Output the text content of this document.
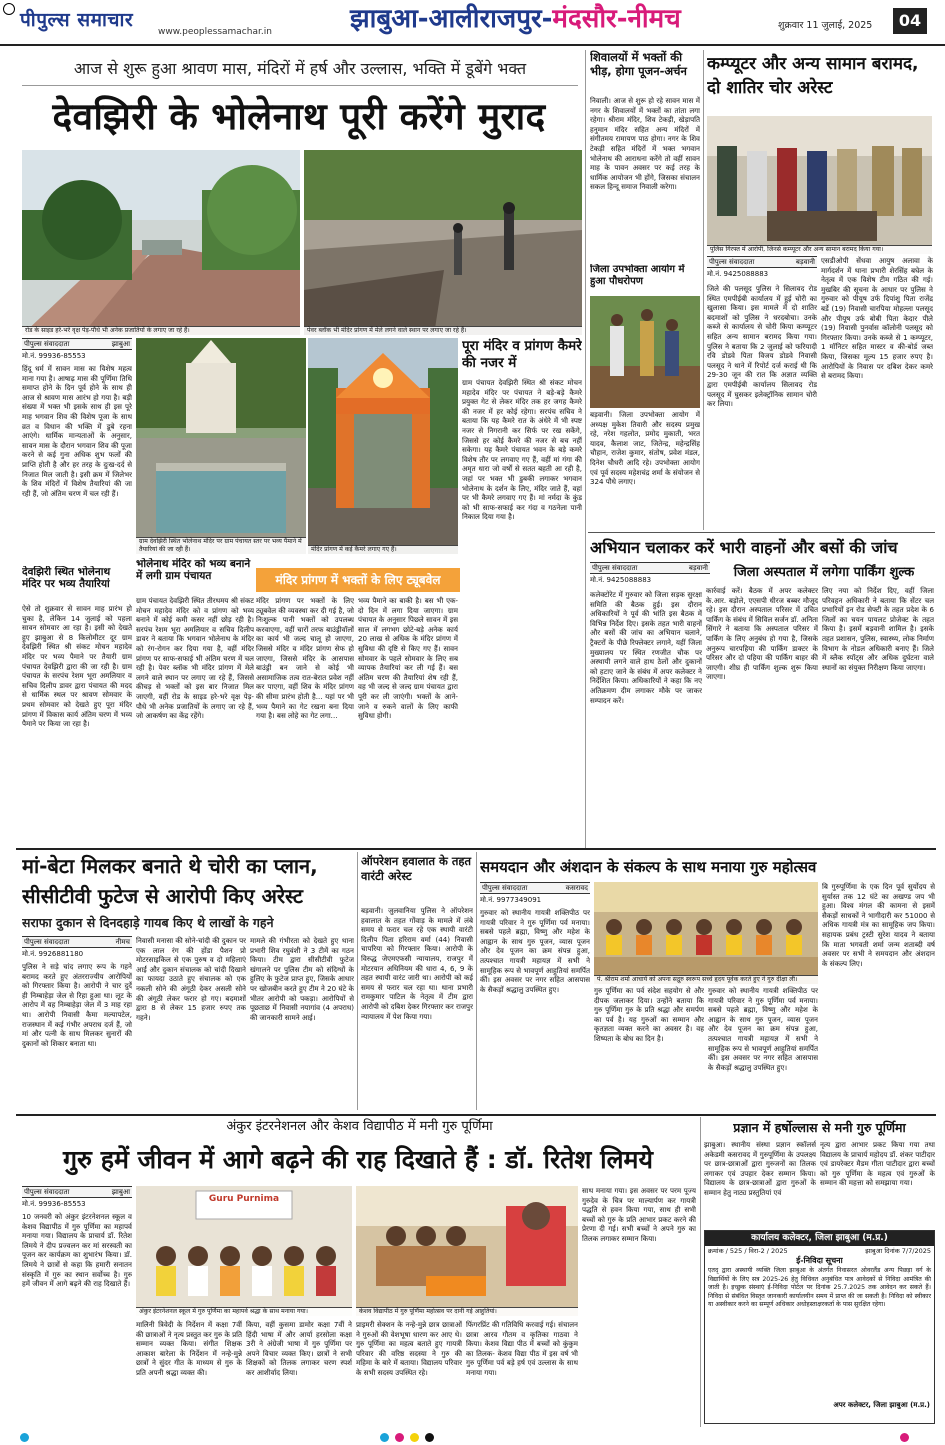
पीपुल्स समाचार
www.peoplessamachar.in	झाबुआ-आलीराजपुर-मंदसौर-नीमच	शुक्रवार 11 जुलाई, 2025	04
आज से शुरू हुआ श्रावण मास, मंदिरों में हर्ष और उल्लास, भक्ति में डूबेंगे भक्त
देवझिरी के भोलेनाथ पूरी करेंगे मुराद
रोड के साइड हरे-भरे वृक्ष पेड़-पौधे भी अनेक प्रजातियों के लगाए जा रहे हैं।	पेवर ब्लॉक भी मंदिर प्रांगण में मेले लगने वाले स्थान पर लगाए जा रहे हैं।
पीपुल्स संवाददाता	झाबुआ
मो.नं. 99936-85553

हिंदू धर्म में सावन मास का विशेष महत्व माना गया है। आषाढ़ मास की पूर्णिमा तिथि समाप्त होने के दिन पूर्व होने के साथ ही आज से श्रावण मास आरंभ हो गया है। बड़ी संख्या में भक्त भी इसके साथ ही इस पूरे माह भगवान शिव की विशेष पूजा के साथ व्रत व विधान की भक्ति में डूबे रहना आएंगे। धार्मिक मान्यताओं के अनुसार, सावन मास के दौरान भगवान शिव की पूजा करने से कई गुना अधिक शुभ फलों की प्राप्ति होती है और हर तरह के दुःख-दर्द से निजात मिल जाती है। इसी क्रम में जिलेभर के शिव मंदिरों में विशेष तैयारियां की जा रही हैं, जो अंतिम चरण में चल रही हैं।

ग्राम देवझिरी स्थित भोलेनाथ मंदिर पर ग्राम पंचायत स्तर पर भव्य पैमाने में तैयारियां की जा रही हैं।	मंदिर प्रांगण में कई कैमरे लगाए गए हैं।
पूरा मंदिर व प्रांगण कैमरे की नजर में

ग्राम पंचायत देवझिरी स्थित श्री संकट मोचन महादेव मंदिर पर पंचायत ने बड़े-बड़े कैमरे प्रयुक्त गेट से लेकर मंदिर तक हर जगह कैमरे की नजर में हर कोई रहेगा। सरपंच सचिव ने बताया कि यह कैमरे रात के अंधेरे में भी स्पष्ट नजर से निगरानी कर सिर्फ पर रख सकेंगे, जिससे हर कोई कैमरे की नजर से बच नहीं सकेगा। यह कैमरे पंचायत भवन के बड़े कमरे विशेष तौर पर लगवाए गए हैं, वहीं मां गंगा की अमृत धारा जो वर्षों से सतत बहती आ रही है, जहां पर भक्त भी डुबकी लगाकर भगवान भोलेनाथ के दर्शन के लिए, मंदिर जाते हैं, वहां पर भी कैमरे लगवाए गए हैं। मां नर्मदा के कुंड को भी साफ-सफाई कर गंदा व गठनेला पानी निकाल दिया गया है।

देवझिरी स्थित भोलेनाथ मंदिर पर भव्य तैयारियां

ऐसे तो शुक्रवार से सावन माह प्रारंभ हो चुका है, लेकिन 14 जुलाई को पहला सावन सोमवार आ रहा है। इसी को देखते हुए झाबुआ से 8 किलोमीटर दूर ग्राम देवझिरी स्थित श्री संकट मोचन महादेव मंदिर पर भव्य पैमाने पर तैयारी ग्राम पंचायत देवझिरी द्वारा की जा रही है। ग्राम पंचायत के सरपंच रेशम भूरा अमलियार व सचिव दिलीप डावर द्वारा पंचायत की मदद से धार्मिक स्थल पर श्रावण सोमवार के प्रथम सोमवार को देखते हुए पूरा मंदिर प्रांगण में विकास कार्य अंतिम चरण में भव्य पैमाने पर किया जा रहा है।

भोलेनाथ मंदिर को भव्य बनाने में लगी ग्राम पंचायत

ग्राम पंचायत देवझिरी स्थित तीरथमय श्री संकट मोचन महादेव मंदिर को व प्रांगण को भव्य बनाने में कोई कमी कसर नहीं छोड़ रही है। सरपंच रेशम भूरा अमलियार व सचिव दिलीप डावर ने बताया कि भगवान भोलेनाथ के मंदिर को रंग-रोगन कर दिया गया है, वहीं मंदिर प्रांगण पर साफ-सफाई भी अंतिम चरण में चल रही है। पेवर ब्लॉक भी मंदिर प्रांगण में मेले लगने वाले स्थान पर लगाए जा रहे हैं, जिससे कीचड़ से भक्तों को इस बार निजात मिल जाएगी, वहीं रोड के साइड हरे-भरे वृक्ष पेड़-पौधे भी अनेक प्रजातियों के लगाए जा रहे हैं, जो आकर्षण का केंद्र रहेंगे।

मंदिर प्रांगण में भक्तों के लिए ट्यूबवेल

मंदिर प्रांगण पर भक्तों के लिए ट्यूबवेल की व्यवस्था कर दी गई है, जो निःशुल्क पानी भक्तों को उपलब्ध करवाएगा, वहीं चारों तरफ बाउंड्रीवॉलों का कार्य भी जल्द चालू हो जाएगा, जिससे मंदिर व मंदिर प्रांगण सेफ हो जाएगा, जिससे मंदिर के आसपास बाउंड्री बन जाने से कोई भी असामाजिक तत्व रात-बेरात प्रवेश नहीं कर पाएगा, वहीं शिव के मंदिर प्रांगण की सीमा प्रारंभ होती है... यहां पर भी भव्य पैमाने का गेट रखना बना दिया गया है। बस लोहे का गेट लगा...

भव्य पैमाने का बाकी है। बस भी एक-दो दिन में लगा दिया जाएगा। ग्राम पंचायत के अनुसार पिछले सावन में इस साल में लगभग छोटे-बड़े अनेक कार्य 20 लाख से अधिक के मंदिर प्रांगण में सुविधा की दृष्टि से किए गए हैं। सावन सोमवार के पहले सोमवार के लिए सब व्यापक तैयारियां कर ली गई हैं। बस अंतिम चरण की तैयारियां शेष रही हैं, वह भी जल्द से जल्द ग्राम पंचायत द्वारा पूरी कर ली जाएंगी। भक्तों के आने-जाने व रुकने वालों के लिए काफी सुविधा होगी।

शिवालयों में भक्तों की भीड़, होगा पूजन-अर्चन

निवाली। आज से शुरू हो रहे सावन मास में नगर के शिवालयों में भक्तों का तांता लगा रहेगा। श्रीराम मंदिर, शिव टेकड़ी, खेड़ापति हनुमान मंदिर सहित अन्य मंदिरों में संगीतमय रामायण पाठ होगा। नगर के शिव टेकड़ी सहित मंदिरों में भक्त भगवान भोलेनाथ की आराधना करेंगे तो वहीं सावन माह के पावन अवसर पर कई तरह के धार्मिक आयोजन भी होंगे, जिसका संचालन सकल हिन्दू समाज निवाली करेगा।

जिला उपभोक्ता आयोग में हुआ पौधरोपण

बड़वानी। जिला उपभोक्ता आयोग में अध्यक्ष मुकेश तिवारी और सदस्य प्रमुख रहे, नरेश गहलोत, प्रमोद मुकाती, भरत यादव, कैलाश जाट, जितेन्द्र, महेन्द्रसिंह चौहान, राजेश कुमार, संतोष, प्रवेश मंडल, दिनेश चौधरी आदि रहे। उपभोक्ता आयोग एवं पूर्व सदस्य महेशचंद्र शर्मा के संयोजन से 324 पौधे लगाए।

कम्प्यूटर और अन्य सामान बरामद, दो शातिर चोर अरेस्ट
पुलिस गिरफ्त में आरोपी, जिनसे कम्प्यूटर और अन्य सामान बरामद किया गया।
पीपुल्स संवाददाता	बड़वानी
मो.नं. 9425088883

जिले की पलसूद पुलिस ने सिलावद रोड स्थित एमपीईबी कार्यालय में हुई चोरी का खुलासा किया। इस मामले में दो शातिर बदमाशों को पुलिस ने धरदबोचा। उनके कब्जे से कार्यालय से चोरी किया कम्प्यूटर सहित अन्य सामान बरामद किया गया। पुलिस ने बताया कि 2 जुलाई को फरियादी रवि डोडवे पिता विजय डोडवे निवासी पलसूद ने थाने में रिपोर्ट दर्ज कराई थी कि 29-30 जून की रात कि अज्ञात व्यक्ति द्वारा एमपीईबी कार्यालय सिलावद रोड पलसूद में घुसकर इलेक्ट्रॉनिक सामान चोरी कर लिया।

एसडीओपी सेंधवा आयुष अलावा के मार्गदर्शन में थाना प्रभारी शेरसिंह बघेल के नेतृत्व में एक विशेष टीम गठित की गई। मुखबिर की सूचना के आधार पर पुलिस ने गुरुवार को पीयूष उर्फ दिपांशु पिता राजेंद्र बर्डे (19) निवासी चारपिया मोहल्ला पलसूद और पीयूष उर्फ बोबी पिता केदार पीले (19) निवासी पुनर्वास कॉलोनी पलसूद को गिरफ्तार किया। उनके कब्जे से 1 कम्प्यूटर, 1 मॉनिटर सहित मास्टर व की-बोर्ड जब्त किया, जिसका मूल्य 15 हजार रुपए है। आरोपियों के निवास पर दबिश देकर कमरे से बरामद किया।

अभियान चलाकर करें भारी वाहनों और बसों की जांच
पीपुल्स संवाददाता	बड़वानी
मो.नं. 9425088883	जिला अस्पताल में लगेगा पार्किंग शुल्क

कलेक्टोरेट में गुरुवार को जिला सड़क सुरक्षा समिति की बैठक हुई। इस दौरान अधिकारियों ने पूर्व की भांति इस बैठक में विभिन्न निर्देश दिए। इसके तहत भारी वाहनों और बसों की जांच का अभियान चलाने, ट्रैक्टरों के पीछे रिफ्लेक्टर लगाने, यहीं जिला मुख्यालय पर स्थित रणजीत चौक पर अस्थायी लगने वाले हाथ ठेलों और दुकानों को हटाए जाने के संबंध में अपर कलेक्टर ने निर्देशित किया। अधिकारियों ने कहा कि नए अतिक्रमण दीम लगाकर मौके पर जाकर सम्पादन करें।

कार्रवाई करें। बैठक में अपर कलेक्टर के.आर. बड़ोले, एएसपी धीरज बब्बर मौजूद रहे। इस दौरान अस्पताल परिसर में उचित पार्किंग के संबंध में सिविल सर्जन डॉ. अनिता सिंगारे ने बताया कि अस्पताल परिसर में पार्किंग के लिए अनुबंध हो गया है, जिसके अनुरूप चारपहिया की पार्किंग डाक्टर के परिसर और दो पहिया की पार्किंग बाहर की जाएगी। शीघ्र ही पार्किंग शुल्क शुरू किया जाएगा।

लिए नया को निर्देश दिए, वहीं जिला परिवहन अधिकारी ने बताया कि सेंटर चल प्रभारियों इन रोड सेफ्टी के तहत प्रदेश के 6 जिलों का चयन पायलट प्रोजेक्ट के तहत किया है। इसमें बड़वानी शामिल है। इसके तहत प्रशासन, पुलिस, स्वास्थ्य, लोक निर्माण विभाग के नोडल अधिकारी बनाए हैं। जिले में ब्लैक स्पॉट्स और अधिक दुर्घटना वाले स्थानों का संयुक्त निरीक्षण किया जाएगा।

मां-बेटा मिलकर बनाते थे चोरी का प्लान,
सीसीटीवी फुटेज से आरोपी किए अरेस्ट
सराफा दुकान से दिनदहाड़े गायब किए थे लाखों के गहने
पीपुल्स संवाददाता	नीमच
मो.नं. 9926881180

पुलिस ने सड़े चांद लगाए रूप के गहने बरामद करते हुए अंतरराज्यीय आरोपियों को गिरफ्तार किया है। आरोपी ने चार दुर्दे ही निम्बाहेड़ा जेल से रिहा हुआ था। लूट के आरोप में वह निम्बाहेड़ा जेल में 3 माह रहा था। आरोपी निवासी कैमा मल्यापटेल, राजस्थान में कई गंभीर अपराध दर्ज हैं, जो मां और पत्नी के साथ मिलकर सुनारों की दुकानों को शिकार बनाता था।

निवासी मनासा की सोने-चांदी की दुकान पर एक लाल रंग की होंडा पैशन प्रो मोटरसाइकिल से एक पुरुष व दो महिलाएं आईं और दुकान संचालक को चांदी दिखाने का फायदा उठाते हुए संचालक को एक नकली सोने की अंगूठी देकर असली सोने की अंगूठी लेकर फरार हो गए। बदमाशों द्वारा 8 से लेकर 15 हजार रुपए तक गहने।

मामले की गंभीरता को देखते हुए थाना प्रभारी शिव रघुवंशी ने 3 टीमें का गठन किया। टीम द्वारा सीसीटीवी फुटेज खंगालने पर पुलिस टीम को संदिग्धों के हुलिए के फुटेज प्राप्त हुए, जिसके आधार पर खोजबीन करते हुए टीम ने 20 घंटे के भीतर आरोपी को पकड़ा। आरोपियों से पूछताछ में निवासी नयागांव (4 अपराध) की जानकारी सामने आई।

ऑपरेशन हवालात के तहत वारंटी अरेस्ट

बड़वानी। जुलवानिया पुलिस ने ऑपरेशन हवालात के तहत गोंवाड़ के मामले में लंबे समय से फरार चल रहे एक स्थायी वारंटी दिलीप पिता हरिराम वर्मा (44) निवासी चापरिया को गिरफ्तार किया। आरोपी के विरुद्ध जेएमएफसी न्यायालय, राजपुर में मोटरयान अधिनियम की धारा 4, 6, 9 के तहत स्थायी वारंट जारी था। आरोपी को कई समय से फरार चल रहा था। थाना प्रभारी रामकुमार पाटिल के नेतृत्व में टीम द्वारा आरोपी को दबिश देकर गिरफ्तार कर राजपुर न्यायालय में पेश किया गया।

समयदान और अंशदान के संकल्प के साथ मनाया गुरु महोत्सव
पीपुल्स संवाददाता	कसरावद
मो.नं. 9977349091

गुरुवार को स्थानीय गायत्री शक्तिपीठ पर गायत्री परिवार ने गुरु पूर्णिमा पर्व मनाया। सबसे पहले ब्रह्मा, विष्णु और महेश के आह्वान के साथ गुरु पूजन, व्यास पूजन और देव पूजन का क्रम संपन्न हुआ, तत्पश्चात गायत्री महायज्ञ में सभी ने सामूहिक रूप से भावपूर्ण आहुतियां समर्पित कीं। इस अवसर पर नगर सहित आसपास के सैकड़ों श्रद्धालु उपस्थित हुए।

पं. श्रीराम शर्मा आचार्य को अपना सद्गुरु स्वरूप सच्चे हृदय पूर्वक करते हुए ने गुरु दीक्षा ली।

गुरु पूर्णिमा का पर्व संदेश सहयोग से और दीपक जलाकर दिया। उन्होंने बताया कि गुरु पूर्णिमा गुरु के प्रति श्रद्धा और समर्पण का पर्व है। यह गुरुओं का सम्मान और कृतज्ञता व्यक्त करने का अवसर है। वह शिष्यता के बोध का दिन है।

गुरुवार को स्थानीय गायत्री शक्तिपीठ पर गायत्री परिवार ने गुरु पूर्णिमा पर्व मनाया। सबसे पहले ब्रह्मा, विष्णु और महेश के आह्वान के साथ गुरु पूजन, व्यास पूजन और देव पूजन का क्रम संपन्न हुआ, तत्पश्चात गायत्री महायज्ञ में सभी ने सामूहिक रूप से भावपूर्ण आहुतियां समर्पित कीं। इस अवसर पर नगर सहित आसपास के सैकड़ों श्रद्धालु उपस्थित हुए।

बि गुरुपूर्णिमा के एक दिन पूर्व सुर्योदय से सुर्यास्त तक 12 घंटे का अखण्ड जप भी हुआ। विश्व मंगल की कामना से इसमें सैकड़ों साधकों ने भागीदारी कर 51000 से अधिक गायत्री मंत्र का सामूहिक जप किया। सहायक प्रबंध ट्रस्टी सुरेश यादव ने बताया कि माता भगवती शर्मा जन्म शताब्दी वर्ष अवसर पर सभी ने समयदान और अंशदान के संकल्प लिए।

अंकुर इंटरनेशनल और केशव विद्यापीठ में मनी गुरु पूर्णिमा
गुरु हमें जीवन में आगे बढ़ने की राह दिखाते हैं : डॉ. रितेश लिमये
पीपुल्स संवाददाता	झाबुआ
मो.नं. 99936-85553

10 जनवरी को अंकुर इंटरनेशनल स्कूल व केशव विद्यापीठ में गुरु पूर्णिमा का महापर्व मनाया गया। विद्यालय के प्राचार्य डॉ. रितेश लिमये ने दीप प्रज्वलन कर मां सरस्वती का पूजन कर कार्यक्रम का शुभारंभ किया। डॉ. लिमये ने छात्रों से कहा कि हमारी सनातन संस्कृति में गुरु का स्थान सर्वोच्च है। गुरु हमें जीवन में आगे बढ़ने की राह दिखाते हैं।

Guru Purnima
अंकुर इंटरनेशनल स्कूल में गुरु पूर्णिमा का महापर्व श्रद्धा के साथ मनाया गया।	केशव विद्यापीठ में गुरु पूर्णिमा महोत्सव पर दानी गई आहुतियां।

मालिनी त्रिवेदी के निर्देशन में कक्षा 7वीं की छात्राओं ने नृत्य प्रस्तुत कर गुरु के प्रति सम्मान व्यक्त किया। संगीत शिक्षक आकाश बारेला के निर्देशन में नन्हे-मुन्ने छात्रों ने सुंदर गीत के माध्यम से गुरु के प्रति अपनी श्रद्धा व्यक्त की।

किया, वहीं कुसमा डामोर कक्षा 7वीं ने हिंदी भाषा में और आर्या हरसोला कक्षा 3री ने अंग्रेजी भाषा में गुरु पूर्णिमा पर अपने विचार व्यक्त किए। छात्रों ने सभी शिक्षकों को तिलक लगाकर चरण स्पर्श कर आशीर्वाद लिया।

प्राइमरी सेक्शन के नन्हे-मुन्ने छात्र छात्राओं ने गुरुओं की वेशभूषा धारण कर आए थे। गुरु पूर्णिमा का महत्व बताते हुए गायत्री परिवार की वरिष्ठ सदस्या ने गुरु की महिमा के बारे में बताया। विद्यालय परिवार के सभी सदस्य उपस्थित रहे।

फिंगरप्रिंट की गतिविधि करवाई गई। संचालन छात्रा आरव गौतम व कृतिका गाठवा ने किया। केशव विद्या पीठ में बच्चों को कुंकुम का तिलक- केशव विद्या पीठ में इस वर्ष भी गुरु पूर्णिमा पर्व बड़े हर्ष एवं उल्लास के साथ मनाया गया।

साथ मनाया गया। इस अवसर पर परम पूज्य गुरुदेव के चित्र पर माल्यार्पण कर गायत्री पद्धति से हवन किया गया, साथ ही सभी बच्चों को गुरु के प्रति आभार प्रकट करने की प्रेरणा दी गई। सभी बच्चों ने अपने गुरु का तिलक लगाकर सम्मान किया।

प्रज्ञान में हर्षोल्लास से मनी गुरु पूर्णिमा

झाबुआ। स्थानीय संस्था प्रज्ञान स्कॉलर्स अकेडमी कसरावद में गुरुपूर्णिमा के उपलक्ष्य पर छात्र-छात्राओं द्वारा गुरुजनों का तिलक लगाकर एवं उपहार देकर सम्मान किया। विद्यालय के छात्र-छात्राओं द्वारा गुरुओं के सम्मान हेतु नाट्य प्रस्तुतियां एवं

नृत्य द्वारा आभार प्रकट किया गया तथा विद्यालय के प्राचार्य महोदय डॉ. शंकर पाटीदार एवं डायरेक्टर मैडम गीता पाटीदार द्वारा बच्चों को गुरु पूर्णिमा के महत्व एवं गुरुओं के सम्मान की महत्ता को समझाया गया।

कार्यालय कलेक्टर, जिला झाबुआ (म.प्र.)
क्रमांक / 525 / विरा-2 / 2025	झाबुआ दिनांक 7/7/2025
ई-निविदा सूचना
एतद् द्वारा अस्थायी व्यक्ति जिला झाबुआ के अंतर्गत निवासरत ओवरलैंड अन्य पिछड़ा वर्ग के विद्यार्थियों के लिए सत्र 2025-26 हेतु विधिवत अनुबंधित पात्र आवेदकों से निविदा आमंत्रित की जाती है। इच्छुक संस्थाएं ई-निविदा पोर्टल पर दिनांक 25.7.2025 तक आवेदन कर सकते हैं। निविदा से संबंधित विस्तृत जानकारी कार्यालयीन समय में प्राप्त की जा सकती है। निविदा को स्वीकार या अस्वीकार करने का सम्पूर्ण अधिकार अधोहस्ताक्षरकर्ता के पास सुरक्षित रहेगा।
अपर कलेक्टर, जिला झाबुआ (म.प्र.)
